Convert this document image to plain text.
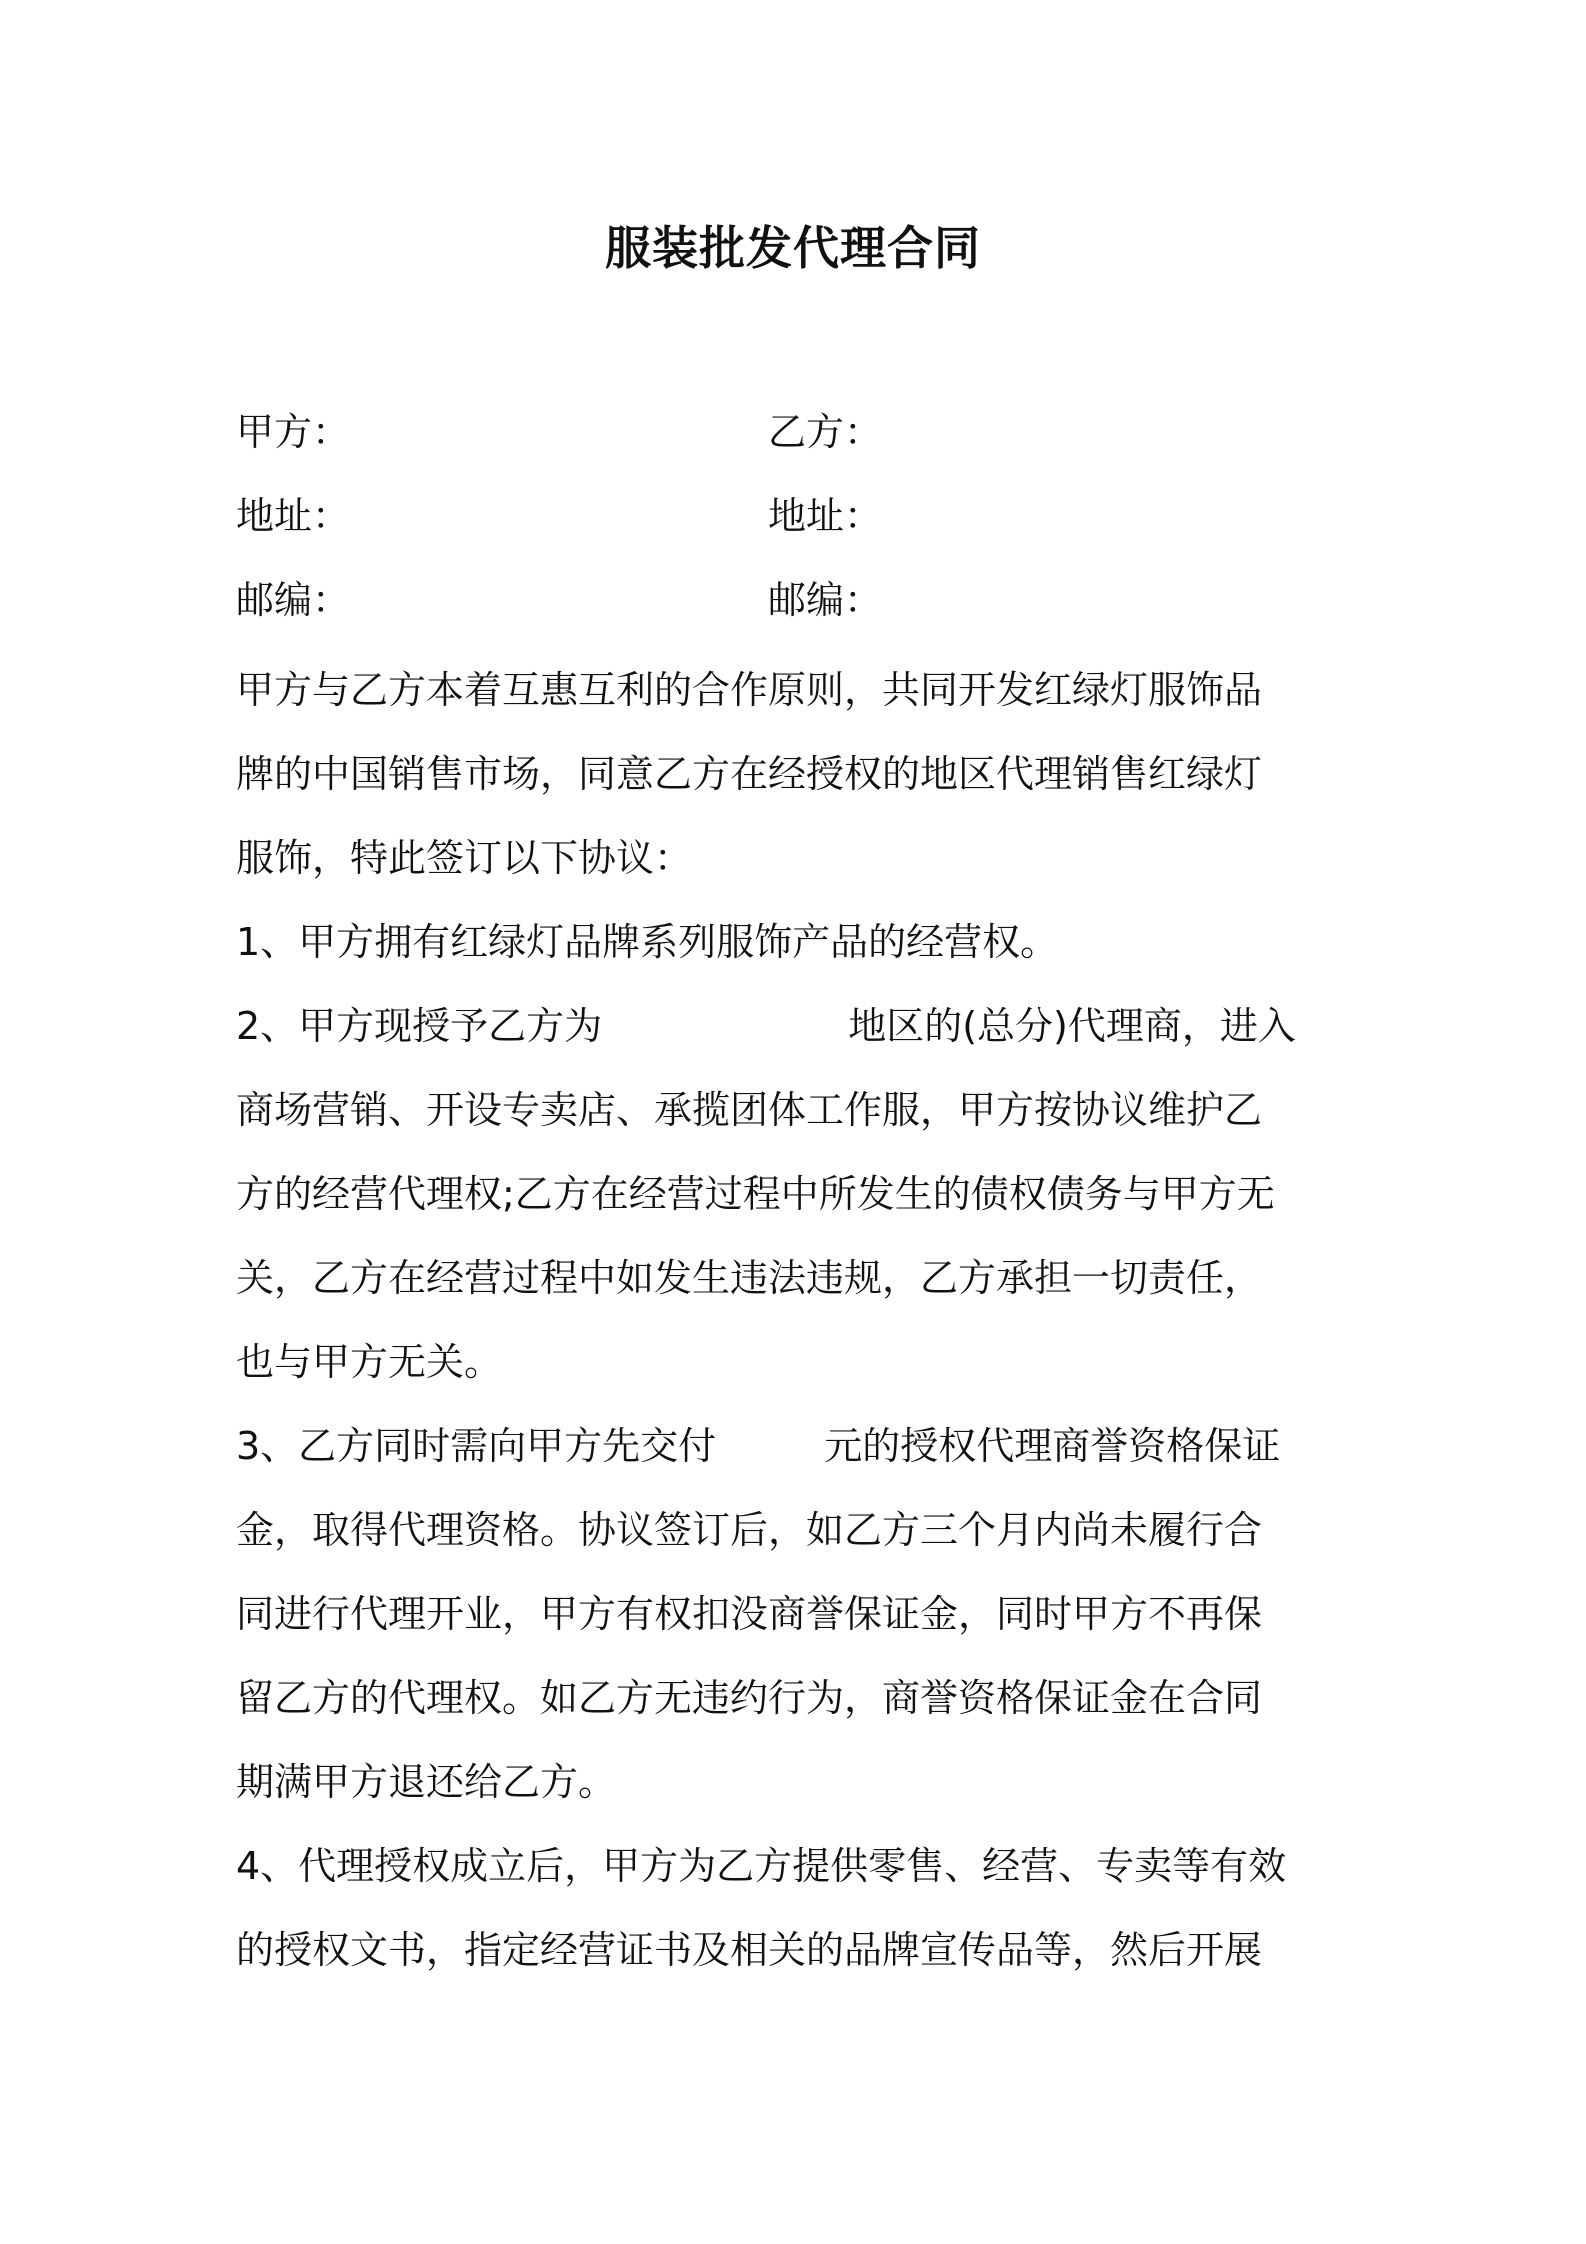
服装批发代理合同
甲方：	乙方：
地址：	地址：
邮编：	邮编：
甲方与乙方本着互惠互利的合作原则，共同开发红绿灯服饰品
牌的中国销售市场，同意乙方在经授权的地区代理销售红绿灯
服饰，特此签订以下协议：
1、甲方拥有红绿灯品牌系列服饰产品的经营权。
2、甲方现授予乙方为	地区的(总分)代理商，进入
商场营销、开设专卖店、承揽团体工作服，甲方按协议维护乙
方的经营代理权;乙方在经营过程中所发生的债权债务与甲方无
关，乙方在经营过程中如发生违法违规，乙方承担一切责任，
也与甲方无关。
3、乙方同时需向甲方先交付	元的授权代理商誉资格保证
金，取得代理资格。协议签订后，如乙方三个月内尚未履行合
同进行代理开业，甲方有权扣没商誉保证金，同时甲方不再保
留乙方的代理权。如乙方无违约行为，商誉资格保证金在合同
期满甲方退还给乙方。
4、代理授权成立后，甲方为乙方提供零售、经营、专卖等有效
的授权文书，指定经营证书及相关的品牌宣传品等，然后开展
